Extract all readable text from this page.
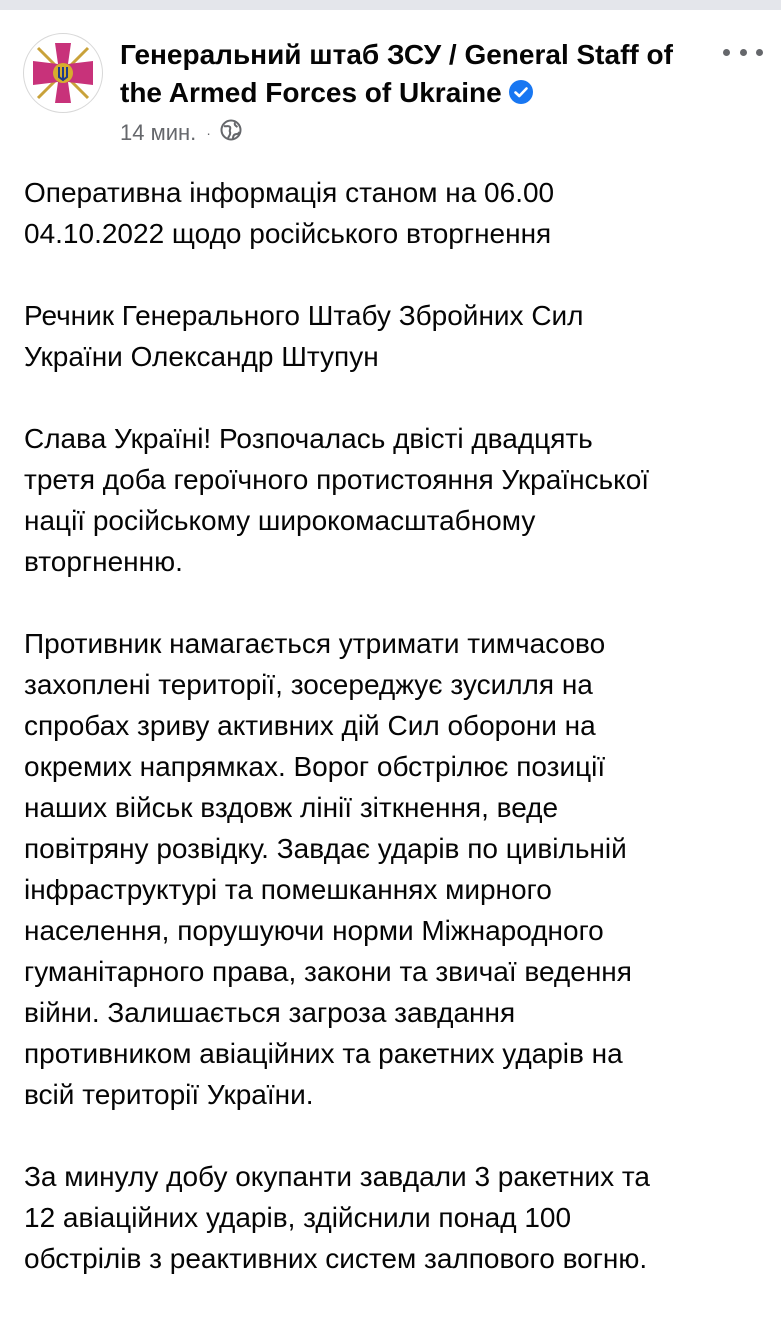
Генеральний штаб ЗСУ / General Staff of the Armed Forces of Ukraine
14 мин. ·

Оперативна інформація станом на 06.00
04.10.2022 щодо російського вторгнення

Речник Генерального Штабу Збройних Сил
України Олександр Штупун

Слава Україні! Розпочалась двісті двадцять
третя доба героїчного протистояння Української
нації російському широкомасштабному
вторгненню.

Противник намагається утримати тимчасово
захоплені території, зосереджує зусилля на
спробах зриву активних дій Сил оборони на
окремих напрямках. Ворог обстрілює позиції
наших військ вздовж лінії зіткнення, веде
повітряну розвідку. Завдає ударів по цивільній
інфраструктурі та помешканнях мирного
населення, порушуючи норми Міжнародного
гуманітарного права, закони та звичаї ведення
війни. Залишається загроза завдання
противником авіаційних та ракетних ударів на
всій території України.

За минулу добу окупанти завдали 3 ракетних та
12 авіаційних ударів, здійснили понад 100
обстрілів з реактивних систем залпового вогню.
